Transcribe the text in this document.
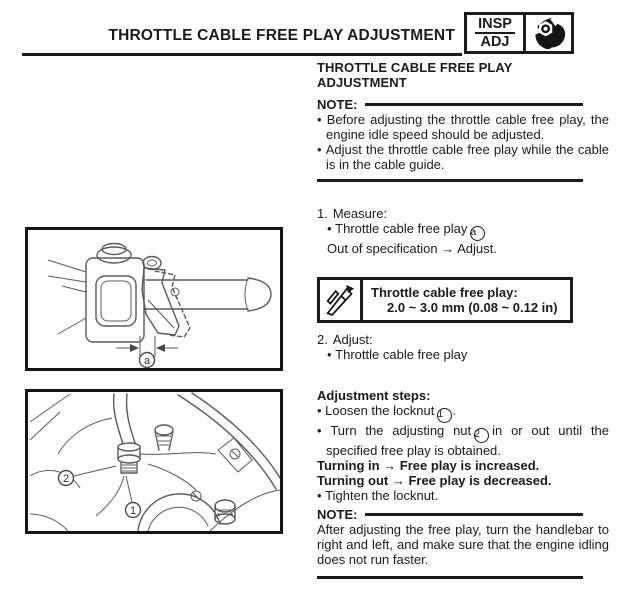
THROTTLE CABLE FREE PLAY ADJUSTMENT
INSP
ADJ
a
2
1
THROTTLE CABLE FREE PLAY
ADJUSTMENT
NOTE:
• Before adjusting the throttle cable free play, the engine idle speed should be adjusted.
• Adjust the throttle cable free play while the cable is in the cable guide.
1. Measure:
• Throttle cable free play a
Out of specification → Adjust.
Throttle cable free play:
2.0 ~ 3.0 mm (0.08 ~ 0.12 in)
2. Adjust:
• Throttle cable free play
Adjustment steps:
• Loosen the locknut 1 .
• Turn the adjusting nut 2 in or out until the specified free play is obtained.
Turning in → Free play is increased.
Turning out → Free play is decreased.
• Tighten the locknut.
NOTE:
After adjusting the free play, turn the handlebar to right and left, and make sure that the engine idling does not run faster.
